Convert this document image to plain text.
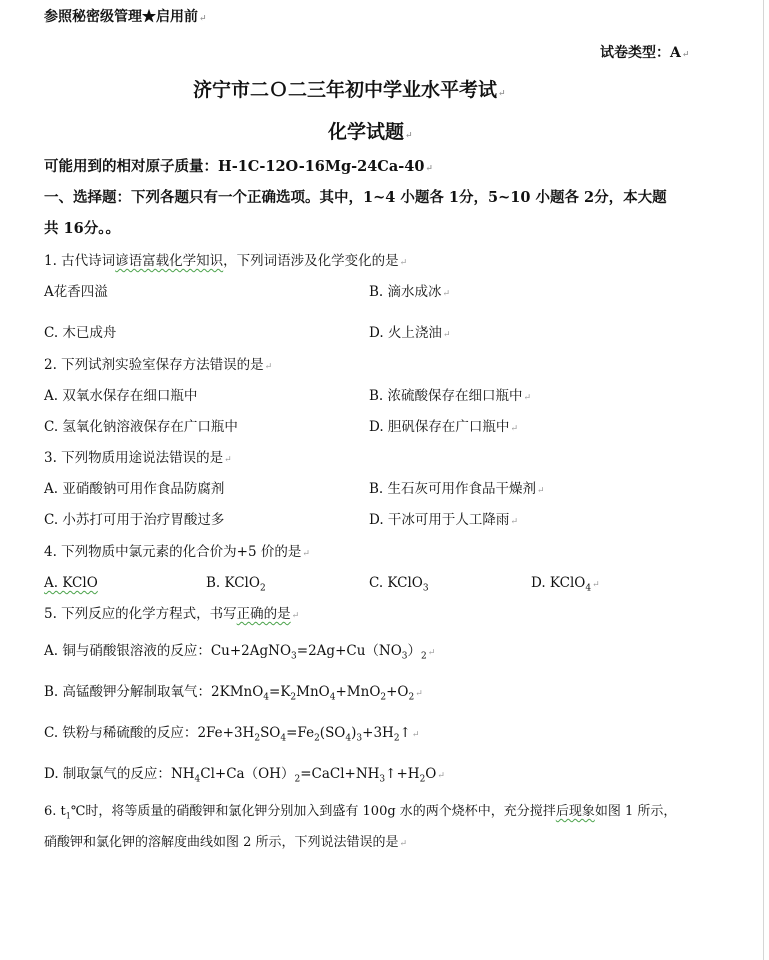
参照秘密级管理★启用前↵
试卷类型：A↵
济宁市二Ｏ二三年初中学业水平考试↵
化学试题↵
可能用到的相对原子质量：H-1C-12O-16Mg-24Ca-40↵
一、选择题：下列各题只有一个正确选项。其中，1~4 小题各 1分，5~10 小题各 2分，本大题
共 16分。。
1. 古代诗词谚语富载化学知识，下列词语涉及化学变化的是↵
A花香四溢	B. 滴水成冰↵
C. 木已成舟	D. 火上浇油↵
2. 下列试剂实验室保存方法错误的是↵
A. 双氧水保存在细口瓶中	B. 浓硫酸保存在细口瓶中↵
C. 氢氧化钠溶液保存在广口瓶中	D. 胆矾保存在广口瓶中↵
3. 下列物质用途说法错误的是↵
A. 亚硝酸钠可用作食品防腐剂	B. 生石灰可用作食品干燥剂↵
C. 小苏打可用于治疗胃酸过多	D. 干冰可用于人工降雨↵
4. 下列物质中氯元素的化合价为+5 价的是↵
A. KClO	B. KClO$_2$	C. KClO$_3$	D. KClO$_4$↵
5. 下列反应的化学方程式，书写正确的是↵
A. 铜与硝酸银溶液的反应：$Cu+2AgNO_3=2Ag+Cu(NO_3)_2↵$
B. 高锰酸钾分解制取氧气：$2KMnO_4=K_2MnO_4+MnO_2+O_2↵$
C. 铁粉与稀硫酸的反应：$2Fe+3H_2SO_4=Fe_2(SO_4)_3+3H_2↑↵$
D. 制取氯气的反应：$NH_4Cl+Ca(OH)_2=CaCl+NH_3↑+H_2O↵$
6. $t_1℃$时，将等质量的硝酸钾和氯化钾分别加入到盛有 100g 水的两个烧杯中，充分搅拌后现象如图 1 所示，
硝酸钾和氯化钾的溶解度曲线如图 2 所示，下列说法错误的是↵
